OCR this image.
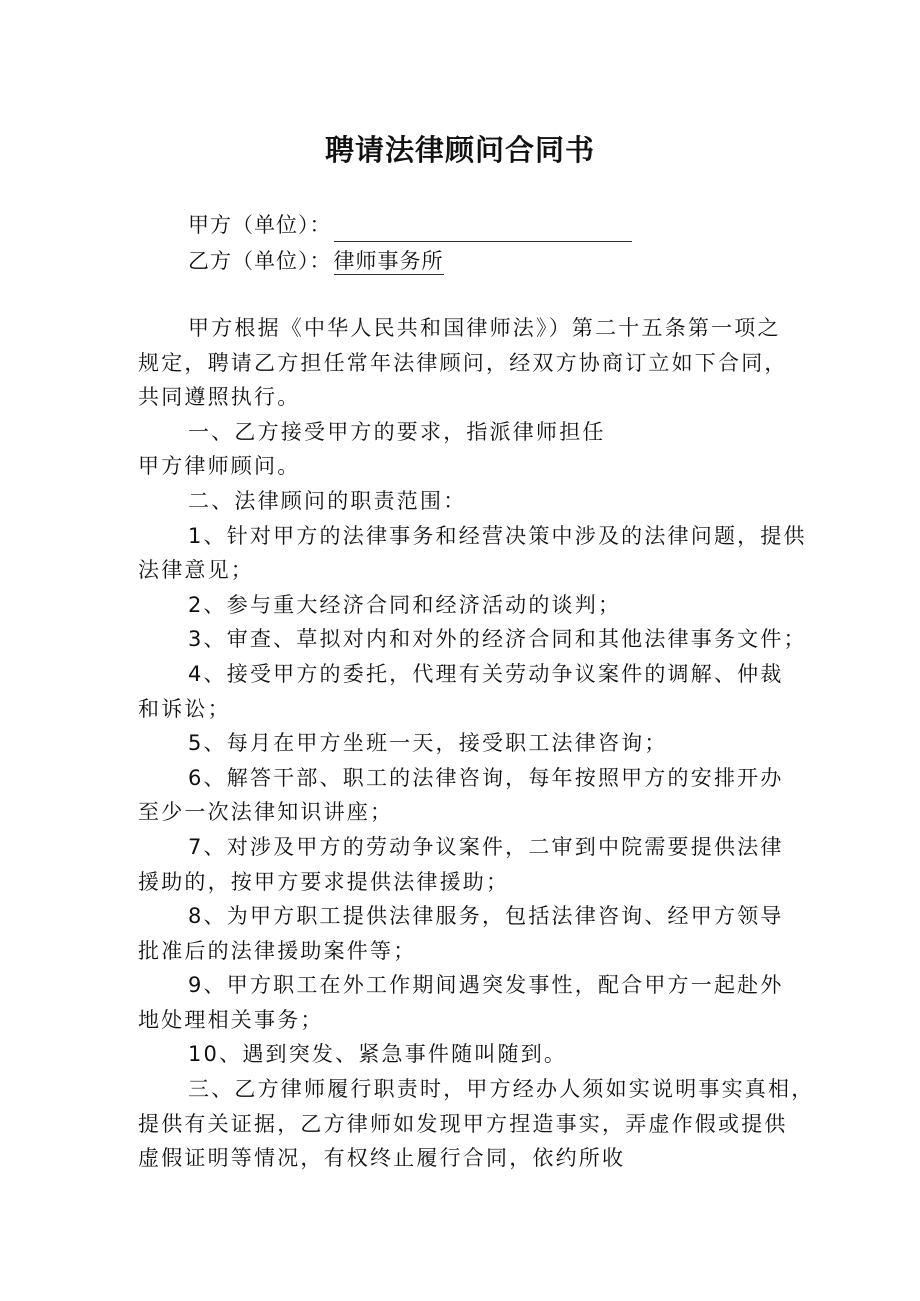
聘请法律顾问合同书
甲方（单位）：
乙方（单位）：律师事务所
甲方根据《中华人民共和国律师法》）第二十五条第一项之
规定，聘请乙方担任常年法律顾问，经双方协商订立如下合同，
共同遵照执行。
一、乙方接受甲方的要求，指派律师担任
甲方律师顾问。
二、法律顾问的职责范围：
1、针对甲方的法律事务和经营决策中涉及的法律问题，提供
法律意见；
2、参与重大经济合同和经济活动的谈判；
3、审查、草拟对内和对外的经济合同和其他法律事务文件；
4、接受甲方的委托，代理有关劳动争议案件的调解、仲裁
和诉讼；
5、每月在甲方坐班一天，接受职工法律咨询；
6、解答干部、职工的法律咨询，每年按照甲方的安排开办
至少一次法律知识讲座；
7、对涉及甲方的劳动争议案件，二审到中院需要提供法律
援助的，按甲方要求提供法律援助；
8、为甲方职工提供法律服务，包括法律咨询、经甲方领导
批准后的法律援助案件等；
9、甲方职工在外工作期间遇突发事性，配合甲方一起赴外
地处理相关事务；
10、遇到突发、紧急事件随叫随到。
三、乙方律师履行职责时，甲方经办人须如实说明事实真相，
提供有关证据，乙方律师如发现甲方捏造事实，弄虚作假或提供
虚假证明等情况，有权终止履行合同，依约所收
